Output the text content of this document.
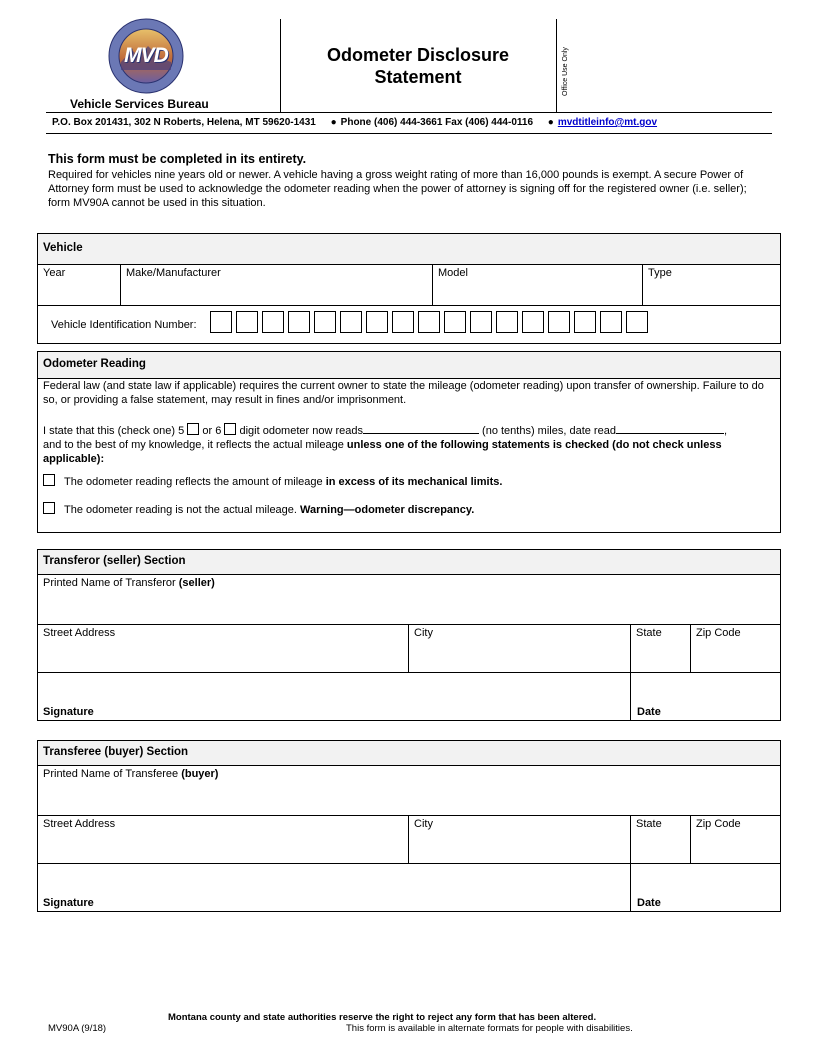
MVD
Vehicle Services Bureau
Odometer Disclosure
Statement	Office Use Only
P.O. Box 201431, 302 N Roberts, Helena, MT 59620-1431 ● Phone (406) 444-3661 Fax (406) 444-0116 ● mvdtitleinfo@mt.gov
This form must be completed in its entirety.
Required for vehicles nine years old or newer. A vehicle having a gross weight rating of more than 16,000 pounds is exempt. A secure Power of Attorney form must be used to acknowledge the odometer reading when the power of attorney is signing off for the registered owner (i.e. seller); form MV90A cannot be used in this situation.
Vehicle
Year	Make/Manufacturer	Model	Type
Vehicle Identification Number:
Odometer Reading
Federal law (and state law if applicable) requires the current owner to state the mileage (odometer reading) upon transfer of ownership. Failure to do so, or providing a false statement, may result in fines and/or imprisonment.
I state that this (check one) 5 or 6 digit odometer now reads	(no tenths) miles, date read	,
and to the best of my knowledge, it reflects the actual mileage unless one of the following statements is checked (do not check unless applicable):
The odometer reading reflects the amount of mileage in excess of its mechanical limits.
The odometer reading is not the actual mileage. Warning—odometer discrepancy.
Transferor (seller) Section
Printed Name of Transferor (seller)
Street Address	City	State	Zip Code
Signature	Date
Transferee (buyer) Section
Printed Name of Transferee (buyer)
Street Address	City	State	Zip Code
Signature	Date
Montana county and state authorities reserve the right to reject any form that has been altered.
MV90A (9/18)	This form is available in alternate formats for people with disabilities.
